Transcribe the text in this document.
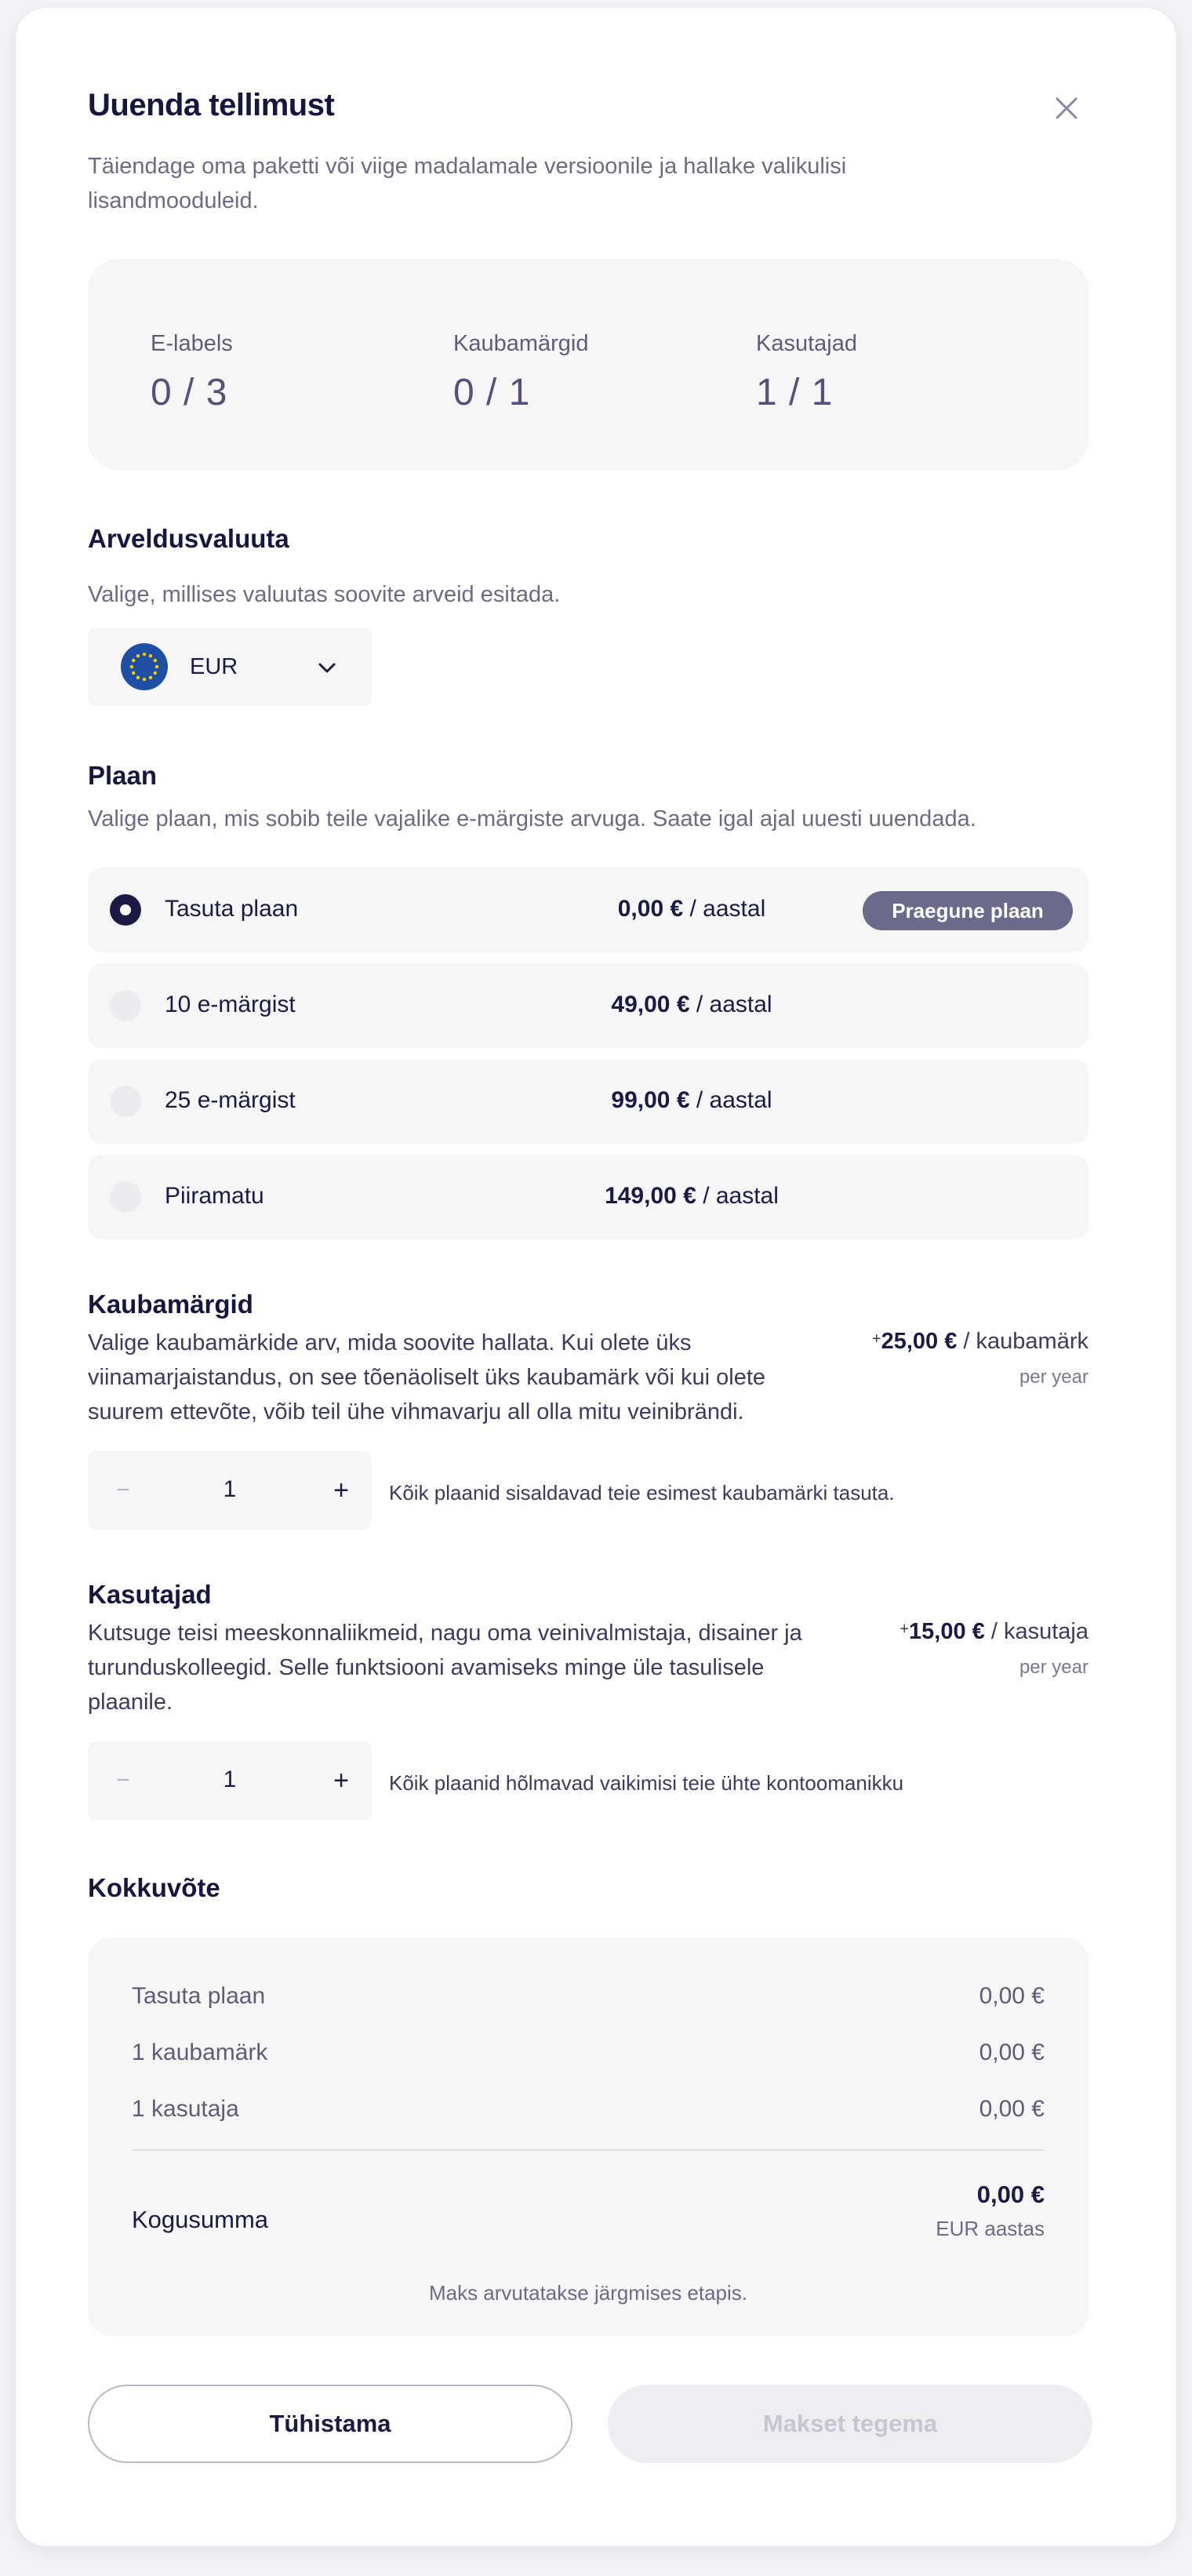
Uuenda tellimust
Täiendage oma paketti või viige madalamale versioonile ja hallake valikulisi lisandmooduleid.
E-labels
0 / 3
Kaubamärgid
0 / 1
Kasutajad
1 / 1
Arveldusvaluuta
Valige, millises valuutas soovite arveid esitada.
EUR
Plaan
Valige plaan, mis sobib teile vajalike e-märgiste arvuga. Saate igal ajal uuesti uuendada.
Tasuta plaan	0,00 € / aastal	Praegune plaan
10 e-märgist	49,00 € / aastal
25 e-märgist	99,00 € / aastal
Piiramatu	149,00 € / aastal
Kaubamärgid
Valige kaubamärkide arv, mida soovite hallata. Kui olete üks viinamarjaistandus, on see tõenäoliselt üks kaubamärk või kui olete suurem ettevõte, võib teil ühe vihmavarju all olla mitu veinibrändi.
+25,00 € / kaubamärk
per year
−	1	+	Kõik plaanid sisaldavad teie esimest kaubamärki tasuta.
Kasutajad
Kutsuge teisi meeskonnaliikmeid, nagu oma veinivalmistaja, disainer ja turunduskolleegid. Selle funktsiooni avamiseks minge üle tasulisele plaanile.
+15,00 € / kasutaja
per year
−	1	+	Kõik plaanid hõlmavad vaikimisi teie ühte kontoomanikku
Kokkuvõte
Tasuta plaan	0,00 €
1 kaubamärk	0,00 €
1 kasutaja	0,00 €
Kogusumma
0,00 €
EUR aastas
Maks arvutatakse järgmises etapis.
Tühistama	Makset tegema
